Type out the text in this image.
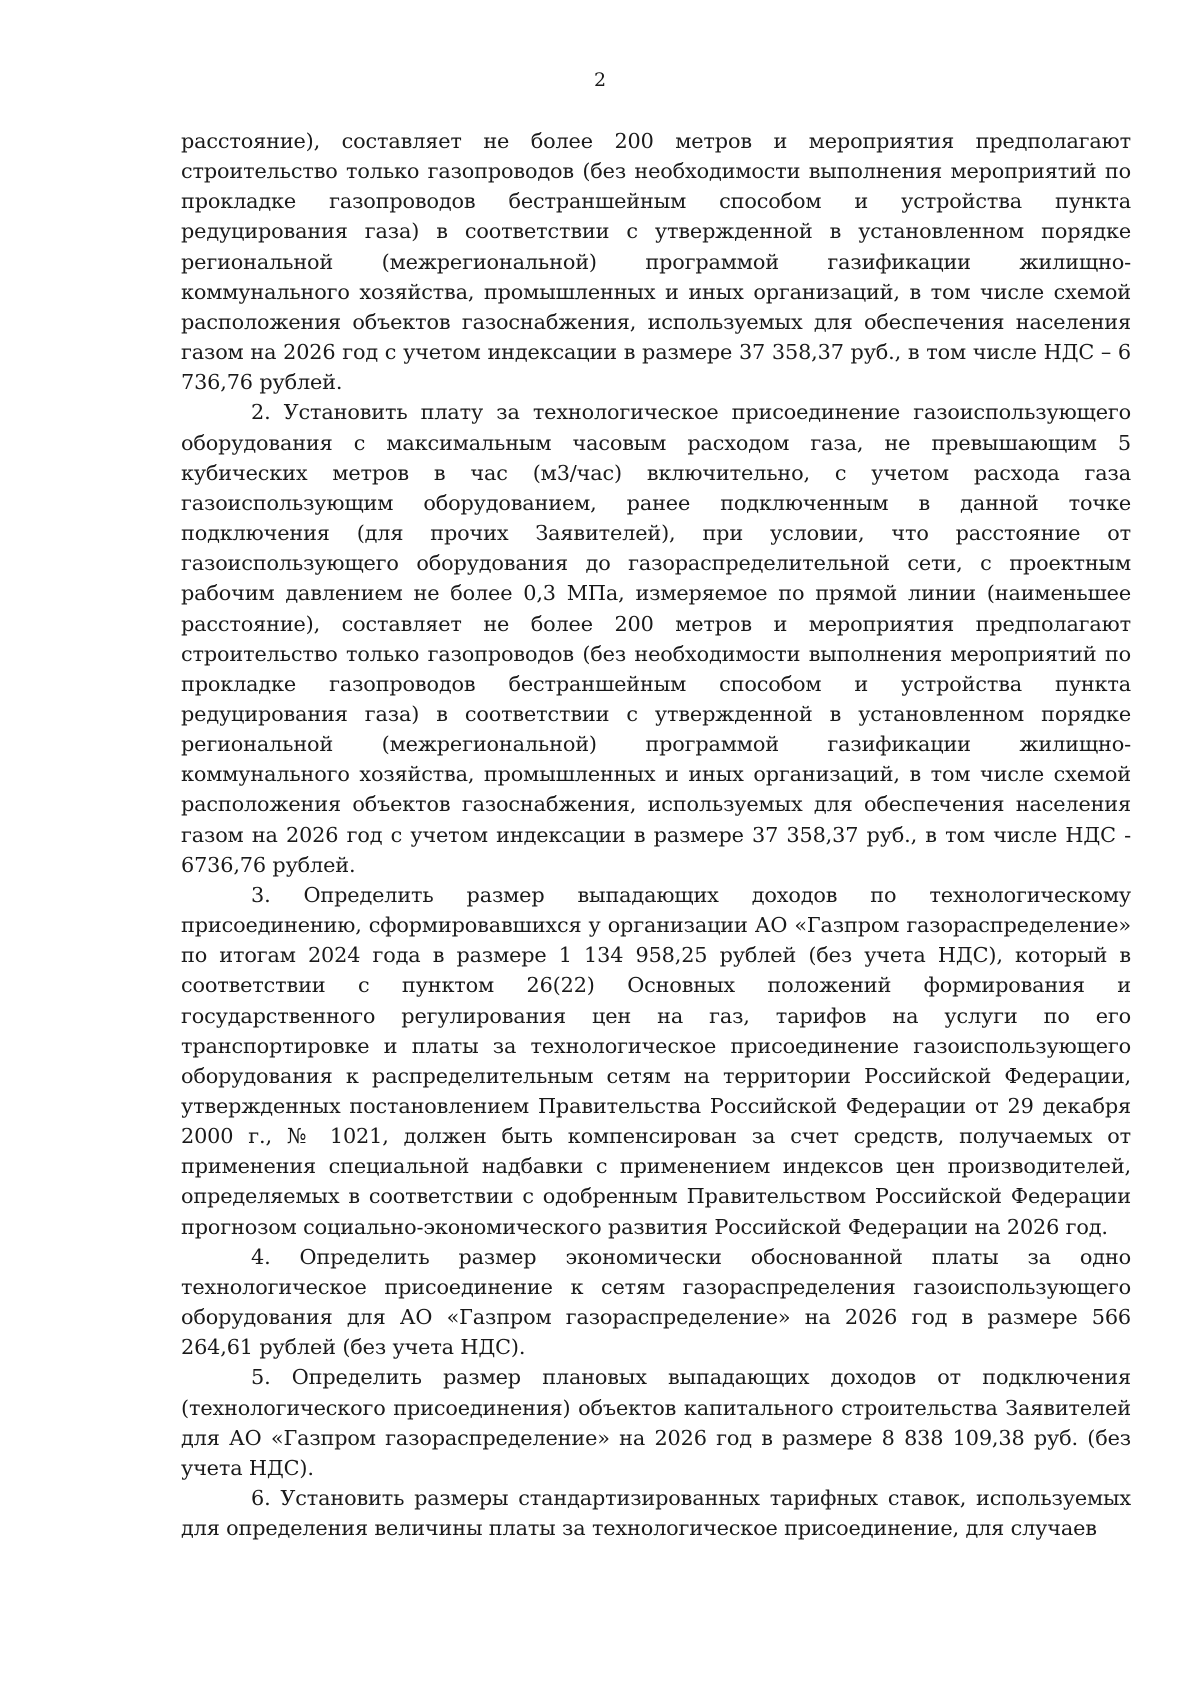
2

расстояние), составляет не более 200 метров и мероприятия предполагают строительство только газопроводов (без необходимости выполнения мероприятий по прокладке газопроводов бестраншейным способом и устройства пункта редуцирования газа) в соответствии с утвержденной в установленном порядке региональной (межрегиональной) программой газификации жилищно-коммунального хозяйства, промышленных и иных организаций, в том числе схемой расположения объектов газоснабжения, используемых для обеспечения населения газом на 2026 год с учетом индексации в размере 37 358,37 руб., в том числе НДС – 6 736,76 рублей.

2. Установить плату за технологическое присоединение газоиспользующего оборудования с максимальным часовым расходом газа, не превышающим 5 кубических метров в час (м3/час) включительно, с учетом расхода газа газоиспользующим оборудованием, ранее подключенным в данной точке подключения (для прочих Заявителей), при условии, что расстояние от газоиспользующего оборудования до газораспределительной сети, с проектным рабочим давлением не более 0,3 МПа, измеряемое по прямой линии (наименьшее расстояние), составляет не более 200 метров и мероприятия предполагают строительство только газопроводов (без необходимости выполнения мероприятий по прокладке газопроводов бестраншейным способом и устройства пункта редуцирования газа) в соответствии с утвержденной в установленном порядке региональной (межрегиональной) программой газификации жилищно-коммунального хозяйства, промышленных и иных организаций, в том числе схемой расположения объектов газоснабжения, используемых для обеспечения населения газом на 2026 год с учетом индексации в размере 37 358,37 руб., в том числе НДС - 6736,76 рублей.

3. Определить размер выпадающих доходов по технологическому присоединению, сформировавшихся у организации АО «Газпром газораспределение» по итогам 2024 года в размере 1 134 958,25 рублей (без учета НДС), который в соответствии с пунктом 26(22) Основных положений формирования и государственного регулирования цен на газ, тарифов на услуги по его транспортировке и платы за технологическое присоединение газоиспользующего оборудования к распределительным сетям на территории Российской Федерации, утвержденных постановлением Правительства Российской Федерации от 29 декабря 2000 г., № 1021, должен быть компенсирован за счет средств, получаемых от применения специальной надбавки с применением индексов цен производителей, определяемых в соответствии с одобренным Правительством Российской Федерации прогнозом социально-экономического развития Российской Федерации на 2026 год.

4. Определить размер экономически обоснованной платы за одно технологическое присоединение к сетям газораспределения газоиспользующего оборудования для АО «Газпром газораспределение» на 2026 год в размере 566 264,61 рублей (без учета НДС).

5. Определить размер плановых выпадающих доходов от подключения (технологического присоединения) объектов капитального строительства Заявителей для АО «Газпром газораспределение» на 2026 год в размере 8 838 109,38 руб. (без учета НДС).

6. Установить размеры стандартизированных тарифных ставок, используемых для определения величины платы за технологическое присоединение, для случаев
